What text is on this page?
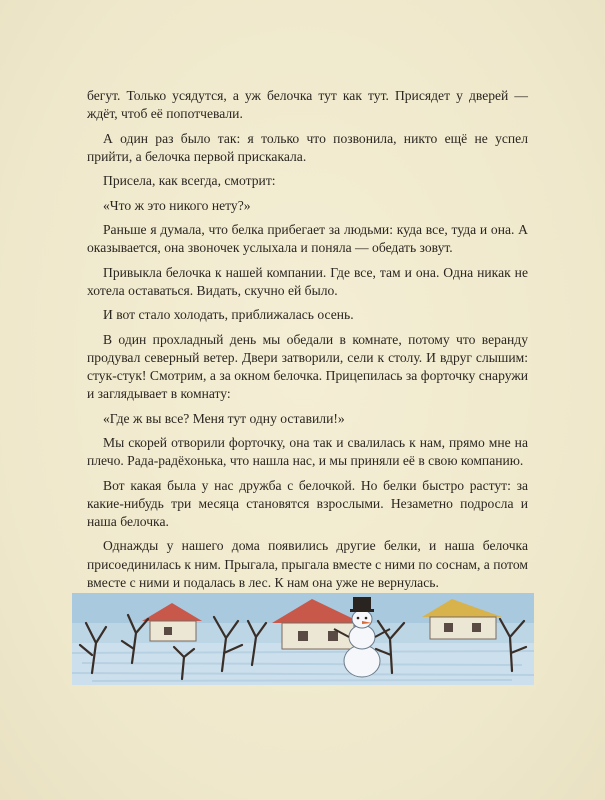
бегут. Только усядутся, а уж белочка тут как тут. Присядет у дверей — ждёт, чтоб её попотчевали.

А один раз было так: я только что позвонила, никто ещё не успел прийти, а белочка первой прискакала.

Присела, как всегда, смотрит:

«Что ж это никого нету?»

Раньше я думала, что белка прибегает за людьми: куда все, туда и она. А оказывается, она звоночек услыхала и поняла — обедать зовут.

Привыкла белочка к нашей компании. Где все, там и она. Одна никак не хотела оставаться. Видать, скучно ей было.

И вот стало холодать, приближалась осень.

В один прохладный день мы обедали в комнате, потому что веранду продувал северный ветер. Двери затворили, сели к столу. И вдруг слышим: стук-стук! Смотрим, а за окном белочка. Прицепилась за форточку снаружи и заглядывает в комнату:

«Где ж вы все? Меня тут одну оставили!»

Мы скорей отворили форточку, она так и свалилась к нам, прямо мне на плечо. Рада-радёхонька, что нашла нас, и мы приняли её в свою компанию.

Вот какая была у нас дружба с белочкой. Но белки быстро растут: за какие-нибудь три месяца становятся взрослыми. Незаметно подросла и наша белочка.

Однажды у нашего дома появились другие белки, и наша белочка присоединилась к ним. Прыгала, прыгала вместе с ними по соснам, а потом вместе с ними и подалась в лес. К нам она уже не вернулась.
